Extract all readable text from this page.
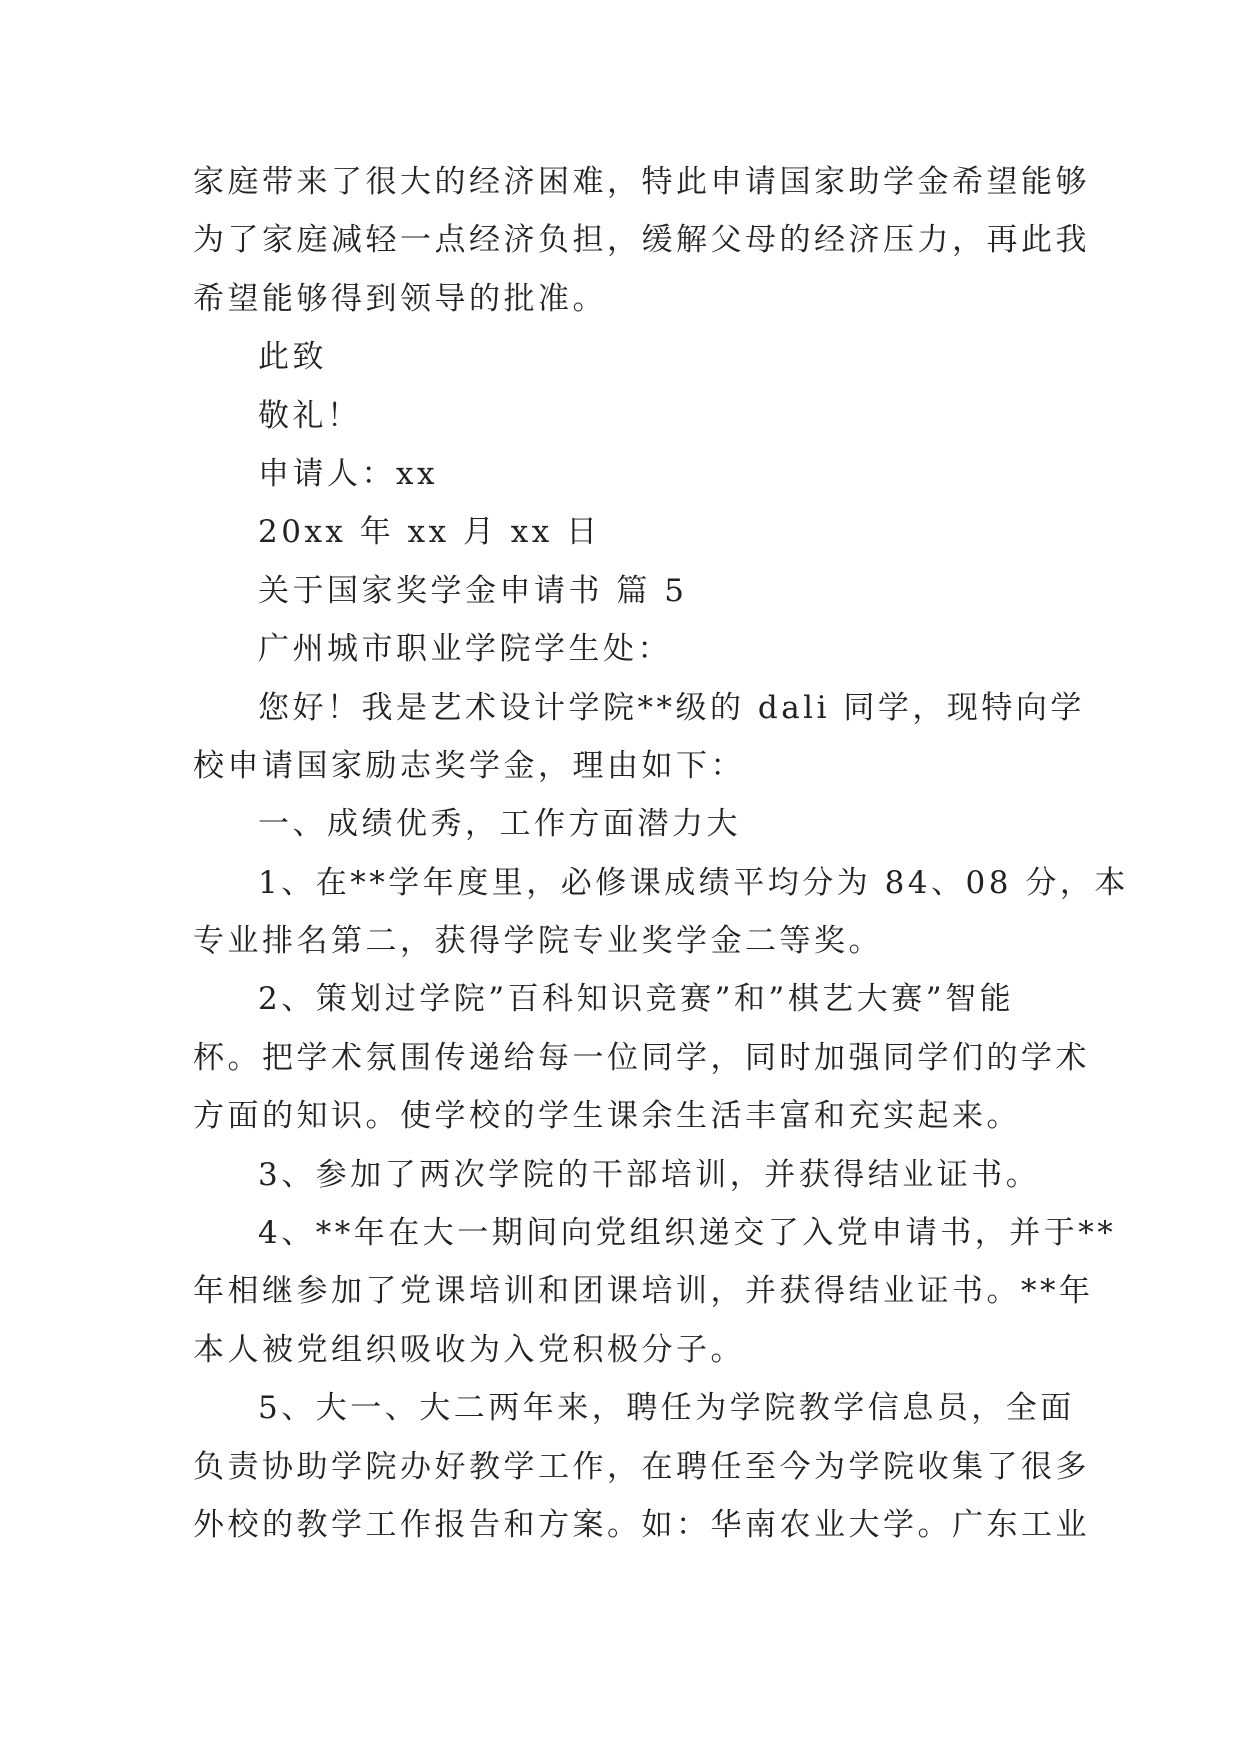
家庭带来了很大的经济困难，特此申请国家助学金希望能够

为了家庭减轻一点经济负担，缓解父母的经济压力，再此我

希望能够得到领导的批准。

此致

敬礼！

申请人：xx

20xx 年 xx 月 xx 日

关于国家奖学金申请书 篇 5

广州城市职业学院学生处：

您好！我是艺术设计学院**级的 dali 同学，现特向学

校申请国家励志奖学金，理由如下：

一、成绩优秀，工作方面潜力大

1、在**学年度里，必修课成绩平均分为 84、08 分，本

专业排名第二，获得学院专业奖学金二等奖。

2、策划过学院”百科知识竞赛”和”棋艺大赛”智能

杯。把学术氛围传递给每一位同学，同时加强同学们的学术

方面的知识。使学校的学生课余生活丰富和充实起来。

3、参加了两次学院的干部培训，并获得结业证书。

4、**年在大一期间向党组织递交了入党申请书，并于**

年相继参加了党课培训和团课培训，并获得结业证书。**年

本人被党组织吸收为入党积极分子。

5、大一、大二两年来，聘任为学院教学信息员，全面

负责协助学院办好教学工作，在聘任至今为学院收集了很多

外校的教学工作报告和方案。如：华南农业大学。广东工业
